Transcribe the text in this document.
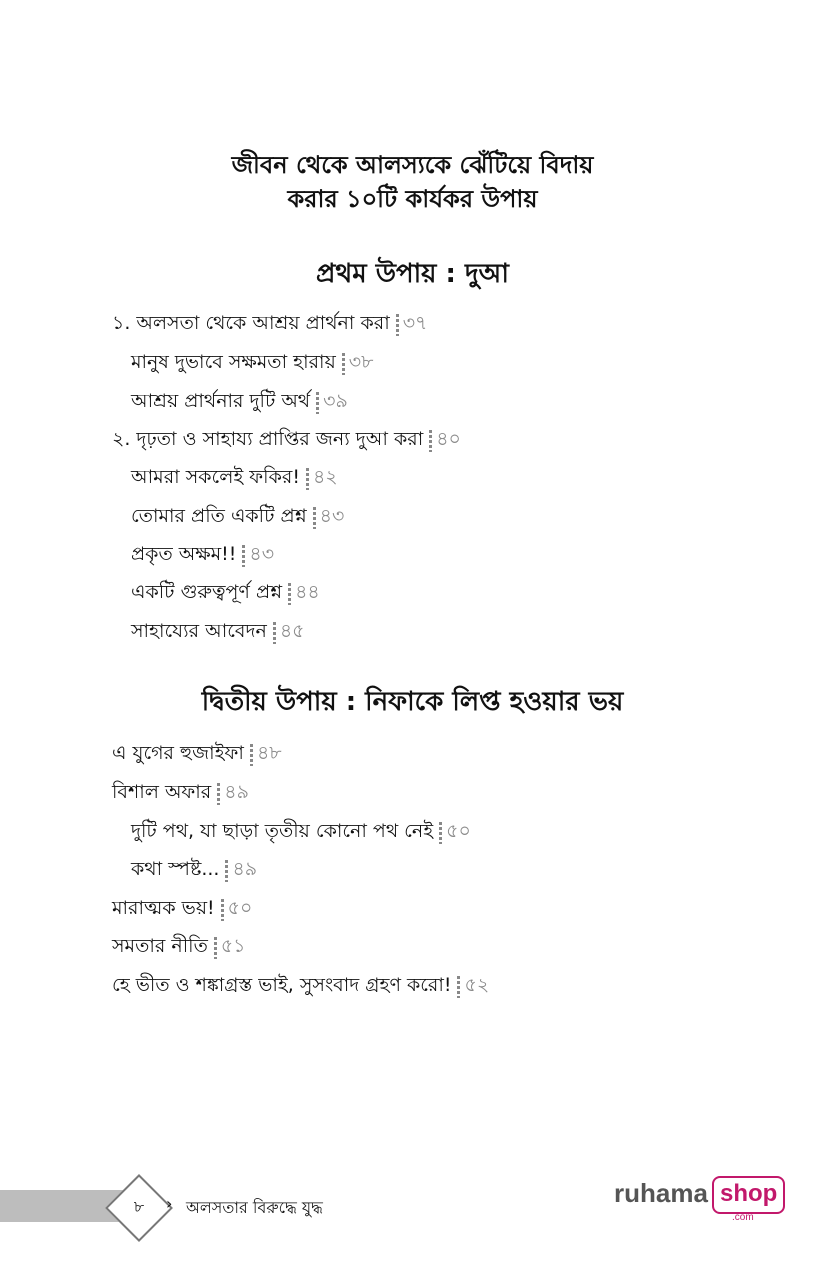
জীবন থেকে আলস্যকে ঝেঁটিয়ে বিদায়
করার ১০টি কার্যকর উপায়
প্রথম উপায় : দুআ
১. অলসতা থেকে আশ্রয় প্রার্থনা করা ৩৭
মানুষ দুভাবে সক্ষমতা হারায় ৩৮
আশ্রয় প্রার্থনার দুটি অর্থ ৩৯
২. দৃঢ়তা ও সাহায্য প্রাপ্তির জন্য দুআ করা ৪০
আমরা সকলেই ফকির! ৪২
তোমার প্রতি একটি প্রশ্ন ৪৩
প্রকৃত অক্ষম!! ৪৩
একটি গুরুত্বপূর্ণ প্রশ্ন ৪৪
সাহায্যের আবেদন ৪৫
দ্বিতীয় উপায় : নিফাকে লিপ্ত হওয়ার ভয়
এ যুগের হুজাইফা ৪৮
বিশাল অফার ৪৯
দুটি পথ, যা ছাড়া তৃতীয় কোনো পথ নেই ৫০
কথা স্পষ্ট... ৪৯
মারাত্মক ভয়! ৫০
সমতার নীতি ৫১
হে ভীত ও শঙ্কাগ্রস্ত ভাই, সুসংবাদ গ্রহণ করো! ৫২
৮	› অলসতার বিরুদ্ধে যুদ্ধ	ruhama shop
.com
